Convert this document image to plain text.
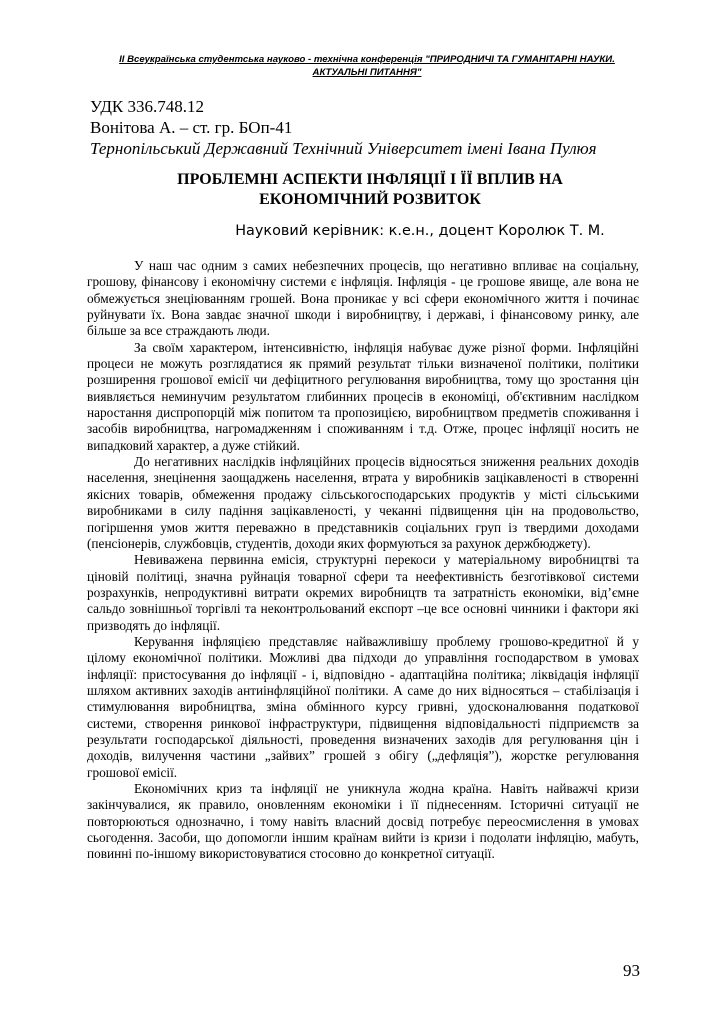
ІІ Всеукраїнська студентська науково - технічна конференція "ПРИРОДНИЧІ ТА ГУМАНІТАРНІ НАУКИ.
АКТУАЛЬНІ ПИТАННЯ"
УДК 336.748.12
Вонітова А. – ст. гр. БОп-41
Тернопільський Державний Технічний Університет імені Івана Пулюя
ПРОБЛЕМНІ АСПЕКТИ ІНФЛЯЦІЇ І ЇЇ ВПЛИВ НА
ЕКОНОМІЧНИЙ РОЗВИТОК
Науковий керівник: к.е.н., доцент Королюк Т. М.

У наш час одним з самих небезпечних процесів, що негативно впливає на соціальну, грошову, фінансову і економічну системи є інфляція. Інфляція - це грошове явище, але вона не обмежується знеціюванням грошей. Вона проникає у всі сфери економічного життя і починає руйнувати їх. Вона завдає значної шкоди і виробництву, і державі, і фінансовому ринку, але більше за все страждають люди.

За своїм характером, інтенсивністю, інфляція набуває дуже різної форми. Інфляційні процеси не можуть розглядатися як прямий результат тільки визначеної політики, політики розширення грошової емісії чи дефіцитного регулювання виробництва, тому що зростання цін виявляється неминучим результатом глибинних процесів в економіці, об'єктивним наслідком наростання диспропорцій між попитом та пропозицією, виробництвом предметів споживання і засобів виробництва, нагромадженням і споживанням і т.д. Отже, процес інфляції носить не випадковий характер, а дуже стійкий.

До негативних наслідків інфляційних процесів відносяться зниження реальних доходів населення, знецінення заощаджень населення, втрата у виробників зацікавленості в створенні якісних товарів, обмеження продажу сільськогосподарських продуктів у місті сільськими виробниками в силу падіння зацікавленості, у чеканні підвищення цін на продовольство, погіршення умов життя переважно в представників соціальних груп із твердими доходами (пенсіонерів, службовців, студентів, доходи яких формуються за рахунок держбюджету).

Невиважена первинна емісія, структурні перекоси у матеріальному виробництві та ціновій політиці, значна руйнація товарної сфери та неефективність безготівкової системи розрахунків, непродуктивні витрати окремих виробництв та затратність економіки, від’ємне сальдо зовнішньої торгівлі та неконтрольований експорт –це все основні чинники і фактори які призводять до інфляції.

Керування інфляцією представляє найважливішу проблему грошово-кредитної й у цілому економічної політики. Можливі два підходи до управління господарством в умовах інфляції: пристосування до інфляції - і, відповідно - адаптаційна політика; ліквідація інфляції шляхом активних заходів антиінфляційної політики. А саме до них відносяться – стабілізація і стимулювання виробництва, зміна обмінного курсу гривні, удосконалювання податкової системи, створення ринкової інфраструктури, підвищення відповідальності підприємств за результати господарської діяльності, проведення визначених заходів для регулювання цін і доходів, вилучення частини „зайвих” грошей з обігу („дефляція”), жорстке регулювання грошової емісії.

Економічних криз та інфляції не уникнула жодна країна. Навіть найважчі кризи закінчувалися, як правило, оновленням економіки і її піднесенням. Історичні ситуації не повторюються однозначно, і тому навіть власний досвід потребує переосмислення в умовах сьогодення. Засоби, що допомогли іншим країнам вийти із кризи і подолати інфляцію, мабуть, повинні по-іншому використовуватися стосовно до конкретної ситуації.

93
